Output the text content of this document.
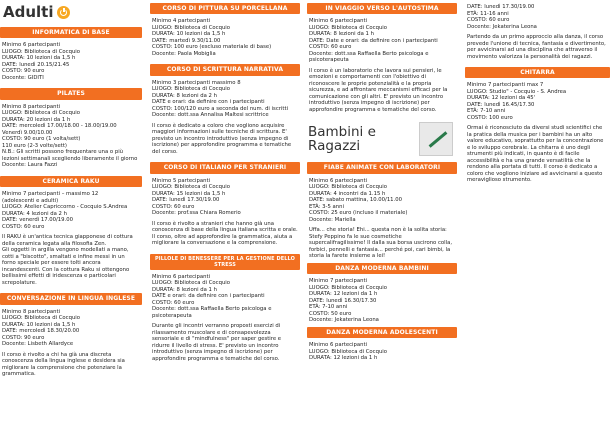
Adulti
INFORMATICA DI BASE
Minimo 6 partecipanti
LUOGO: Biblioteca di Cocquio
DURATA: 10 lezioni da 1,5 h
DATE: lunedì 20.15/21.45
COSTO: 90 euro
Docente: GIDITI
PILATES
Minimo 8 partecipanti
LUOGO: Biblioteca di Cocquio
DURATA: 20 lezioni da 1 h
DATE: mercoledì 17.00/18.00 - 18.00/19.00
Venerdì 9.00/10.00
COSTO: 90 euro (1 volta/sett)
110 euro (2-3 volte/sett)
N.B.: Gli scritti possono frequentare una o più lezioni settimanali scegliendo liberamente il giorno
Docente: Laura Fazzi
CERAMICA RAKU
Minimo 7 partecipanti – massimo 12
(adolescenti e adulti)
LUOGO: Atelier Capriccorno - Cocquio S.Andrea
DURATA: 4 lezioni da 2 h
DATE: venerdì 17.00/19.00
COSTO: 60 euro
Il RAKU è un'antica tecnica giapponese di cottura della ceramica legata alla filosofia Zen.
Gli oggetti in argilla vengono modellati a mano, cotti a "biscotto", smaltati e infine messi in un forno speciale per essere tolti ancora incandescenti. Con la cottura Raku si ottengono bellissimi effetti di iridescenza e particolari screpolature.
CONVERSAZIONE IN LINGUA INGLESE
Minimo 8 partecipanti
LUOGO: Biblioteca di Cocquio
DURATA: 10 lezioni da 1,5 h
DATE: mercoledì 18.30/20.00
COSTO: 90 euro
Docente: Lisbeth Allardyce
Il corso è rivolto a chi ha già una discreta conoscenza della lingua inglese e desidera sia migliorare la comprensione che potenziare la grammatica.
CORSO DI PITTURA SU PORCELLANA
Minimo 4 partecipanti
LUOGO: Biblioteca di Cocquio
DURATA: 10 lezioni da 1,5 h
DATE: martedì 9.30/11.00
COSTO: 100 euro (escluso materiale di base)
Docente: Paola Mobiglia
CORSO DI SCRITTURA NARRATIVA
Minimo 3 partecipanti massimo 8
LUOGO: Biblioteca di Cocquio
DURATA: 8 lezioni da 2 h
DATE e orari: da definire con i partecipanti
COSTO: 100/120 euro a seconda del num. di iscritti
Docente: dott.ssa Annalisa Maltesi scrittrice
Il corso è dedicato a coloro che vogliono acquisire maggiori informazioni sulle tecniche di scrittura. E' previsto un incontro introduttivo (senza impegno di iscrizione) per approfondire programma e tematiche del corso.
CORSO DI ITALIANO PER STRANIERI
Minimo 5 partecipanti
LUOGO: Biblioteca di Cocquio
DURATA: 15 lezioni da 1,5 h
DATE: lunedì 17.30/19.00
COSTO: 60 euro
Docente: prof.ssa Chiara Romerio
Il corso è rivolto a stranieri che hanno già una conoscenza di base della lingua italiana scritta e orale. Il corso, oltre ad approfondire la grammatica, aiuta a migliorare la conversazione e la comprensione.
PILLOLE DI BENESSERE PER LA GESTIONE DELLO STRESS
Minimo 6 partecipanti
LUOGO: Biblioteca di Cocquio
DURATA: 8 lezioni da 1 h
DATE e orari: da definire con i partecipanti
COSTO: 60 euro
Docente: dott.ssa Raffaella Berto psicologa e psicoterapeuta
Durante gli incontri verranno proposti esercizi di rilassamento muscolare e di consapevolezza sensoriale e di "mindfulness" per saper gestire e ridurre il livello di stress. E' previsto un incontro introduttivo (senza impegno di iscrizione) per approfondire programma e tematiche del corso.
IN VIAGGIO VERSO L'AUTOSTIMA
Minimo 6 partecipanti
LUOGO: Biblioteca di Cocquio
DURATA: 8 lezioni da 1 h
DATE: Date e orari: da definire con i partecipanti
COSTO: 60 euro
Docente: dott.ssa Raffaella Berto psicologa e psicoterapeuta
Il corso è un laboratorio che lavora sui pensieri, le emozioni e comportamenti con l'obiettivo di riconoscere le proprie potenzialità e la propria sicurezza, e ad affrontare meccanismi efficaci per la comunicazione con gli altri. E' previsto un incontro introduttivo (senza impegno di iscrizione) per approfondire programma e tematiche del corso.
Bambini e
Ragazzi
FIABE ANIMATE CON LABORATORI
Minimo 6 partecipanti
LUOGO: Biblioteca di Cocquio
DURATA: 4 incontri da 1.15 h
DATE: sabato mattina, 10.00/11.00
ETÀ: 3-5 anni
COSTO: 25 euro (incluso il materiale)
Docente: Mariella
Uffa... che storia! Ehi... questa non è la solita storia: Stefy Peppino fa le sue cosmetiche supercalifragilissime! Il dalla sua borsa uscirono colla, forbici, pennelli e fantasia... perché poi, cari bimbi, la storia la farete insieme a lei!
DANZA MODERNA BAMBINI
Minimo 7 partecipanti
LUOGO: Biblioteca di Cocquio
DURATA: 12 lezioni da 1 h
DATE: lunedì 16.30/17.30
ETÀ: 7-10 anni
COSTO: 50 euro
Docente: Jekaterina Leona
DANZA MODERNA ADOLESCENTI
Minimo 6 partecipanti
LUOGO: Biblioteca di Cocquio
DURATA: 12 lezioni da 1 h
DATE: lunedì 17.30/19.00
ETÀ: 11-16 anni
COSTO: 60 euro
Docente: Jekaterina Leona
Partendo da un primo approccio alla danza, il corso prevede l'unione di tecnica, fantasia e divertimento, per avvicinarsi ad una disciplina che attraverso il movimento valorizza la personalità dei ragazzi.
CHITARRA
Minimo 7 partecipanti max 7
LUOGO: Studio" - Cocquio - S. Andrea
DURATA: 12 lezioni da 45'
DATE: lunedì 16.45/17.30
ETÀ: 7-10 anni
COSTO: 100 euro
Ormai è riconosciuto da diversi studi scientifici che la pratica della musica per i bambini ha un alto valore educativo, soprattutto per la concentrazione e lo sviluppo cerebrale. La chitarra è uno degli strumenti più indicati, in quanto è di facile accessibilità e ha una grande versatilità che la rendono alla portata di tutti. Il corso è dedicato a coloro che vogliono iniziare ad avvicinarsi a questo meraviglioso strumento.
